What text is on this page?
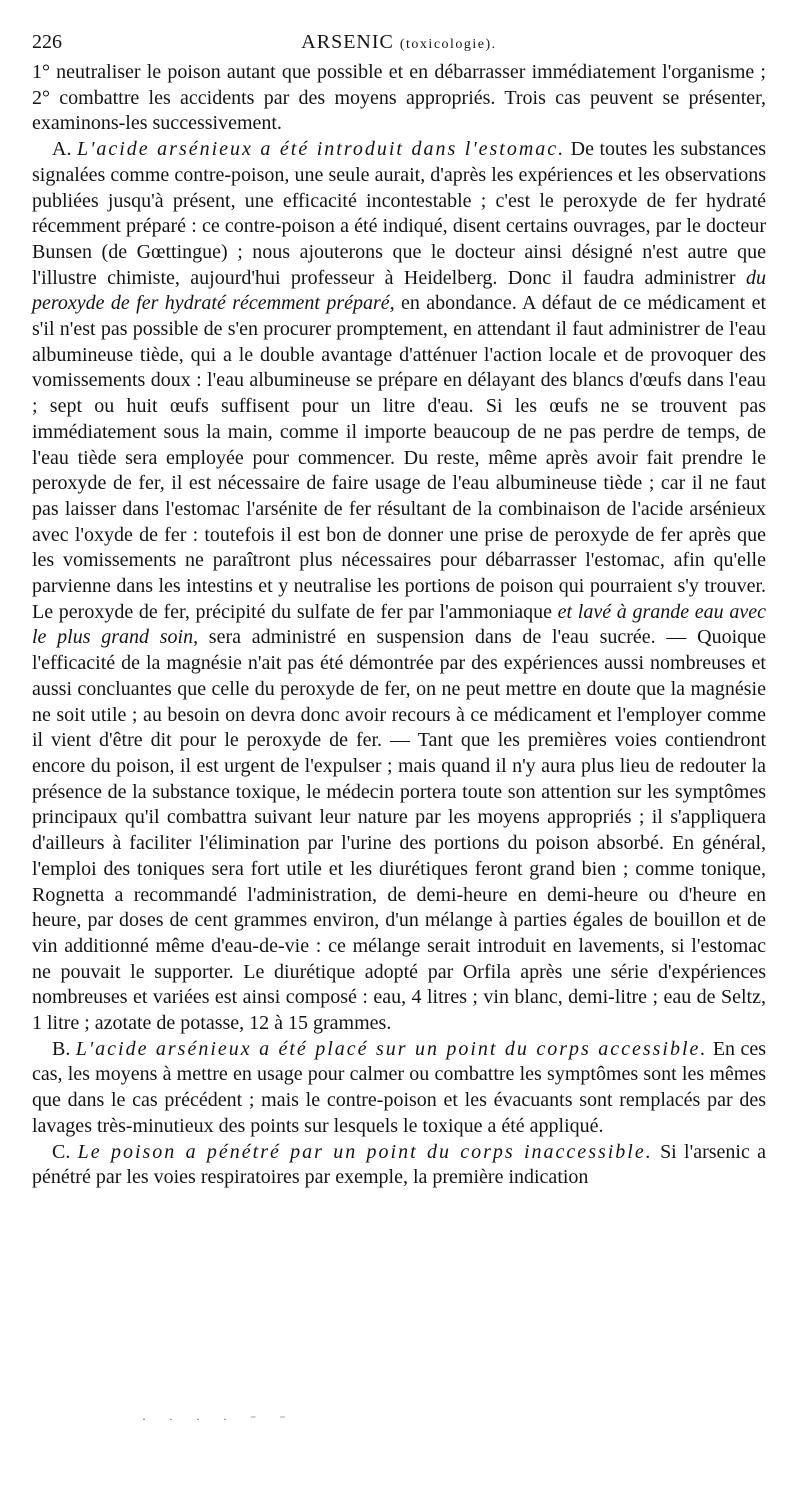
226	ARSENIC (toxicologie).

1° neutraliser le poison autant que possible et en débarrasser immédiatement l'organisme ; 2° combattre les accidents par des moyens appropriés. Trois cas peuvent se présenter, examinons-les successivement.

A. L'acide arsénieux a été introduit dans l'estomac. De toutes les substances signalées comme contre-poison, une seule aurait, d'après les expériences et les observations publiées jusqu'à présent, une efficacité incontestable ; c'est le peroxyde de fer hydraté récemment préparé : ce contre-poison a été indiqué, disent certains ouvrages, par le docteur Bunsen (de Gœttingue) ; nous ajouterons que le docteur ainsi désigné n'est autre que l'illustre chimiste, aujourd'hui professeur à Heidelberg. Donc il faudra administrer du peroxyde de fer hydraté récemment préparé, en abondance. A défaut de ce médicament et s'il n'est pas possible de s'en procurer promptement, en attendant il faut administrer de l'eau albumineuse tiède, qui a le double avantage d'atténuer l'action locale et de provoquer des vomissements doux : l'eau albumineuse se prépare en délayant des blancs d'œufs dans l'eau ; sept ou huit œufs suffisent pour un litre d'eau. Si les œufs ne se trouvent pas immédiatement sous la main, comme il importe beaucoup de ne pas perdre de temps, de l'eau tiède sera employée pour commencer. Du reste, même après avoir fait prendre le peroxyde de fer, il est nécessaire de faire usage de l'eau albumineuse tiède ; car il ne faut pas laisser dans l'estomac l'arsénite de fer résultant de la combinaison de l'acide arsénieux avec l'oxyde de fer : toutefois il est bon de donner une prise de peroxyde de fer après que les vomissements ne paraîtront plus nécessaires pour débarrasser l'estomac, afin qu'elle parvienne dans les intestins et y neutralise les portions de poison qui pourraient s'y trouver. Le peroxyde de fer, précipité du sulfate de fer par l'ammoniaque et lavé à grande eau avec le plus grand soin, sera administré en suspension dans de l'eau sucrée. — Quoique l'efficacité de la magnésie n'ait pas été démontrée par des expériences aussi nombreuses et aussi concluantes que celle du peroxyde de fer, on ne peut mettre en doute que la magnésie ne soit utile ; au besoin on devra donc avoir recours à ce médicament et l'employer comme il vient d'être dit pour le peroxyde de fer. — Tant que les premières voies contiendront encore du poison, il est urgent de l'expulser ; mais quand il n'y aura plus lieu de redouter la présence de la substance toxique, le médecin portera toute son attention sur les symptômes principaux qu'il combattra suivant leur nature par les moyens appropriés ; il s'appliquera d'ailleurs à faciliter l'élimination par l'urine des portions du poison absorbé. En général, l'emploi des toniques sera fort utile et les diurétiques feront grand bien ; comme tonique, Rognetta a recommandé l'administration, de demi-heure en demi-heure ou d'heure en heure, par doses de cent grammes environ, d'un mélange à parties égales de bouillon et de vin additionné même d'eau-de-vie : ce mélange serait introduit en lavements, si l'estomac ne pouvait le supporter. Le diurétique adopté par Orfila après une série d'expériences nombreuses et variées est ainsi composé : eau, 4 litres ; vin blanc, demi-litre ; eau de Seltz, 1 litre ; azotate de potasse, 12 à 15 grammes.

B. L'acide arsénieux a été placé sur un point du corps accessible. En ces cas, les moyens à mettre en usage pour calmer ou combattre les symptômes sont les mêmes que dans le cas précédent ; mais le contre-poison et les évacuants sont remplacés par des lavages très-minutieux des points sur lesquels le toxique a été appliqué.

C. Le poison a pénétré par un point du corps inaccessible. Si l'arsenic a pénétré par les voies respiratoires par exemple, la première indication

· · · · ⁻ ⁻
